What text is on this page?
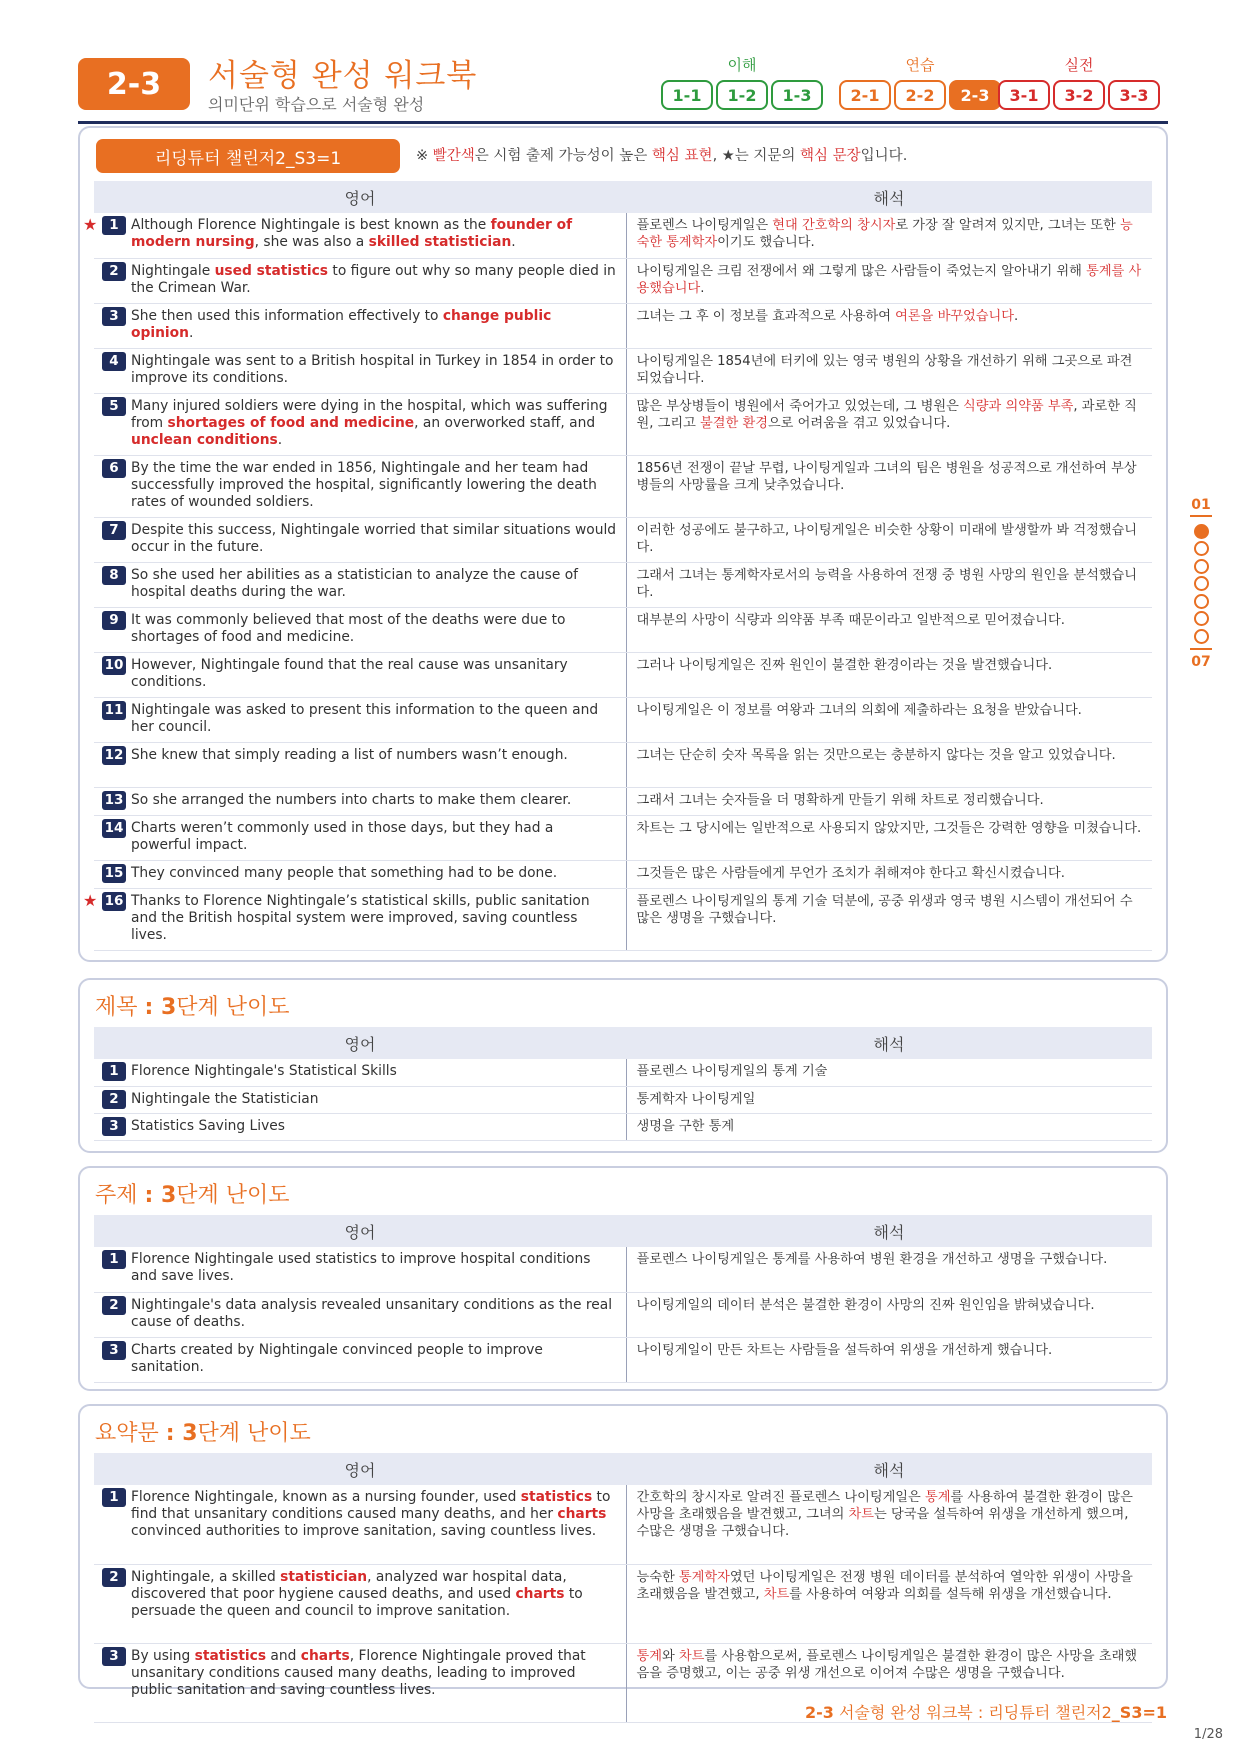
2-3	서술형 완성 워크북
의미단위 학습으로 서술형 완성
이해
1-1	1-2	1-3
연습
2-1	2-2	2-3
실전
3-1	3-2	3-3
리딩튜터 챌린저2_S3=1	※ 빨간색은 시험 출제 가능성이 높은 핵심 표현, ★는 지문의 핵심 문장입니다.
영어	해석

★ 1 Although Florence Nightingale is best known as the founder of modern nursing, she was also a skilled statistician.	플로렌스 나이팅게일은 현대 간호학의 창시자로 가장 잘 알려져 있지만, 그녀는 또한 능숙한 통계학자이기도 했습니다.

2 Nightingale used statistics to figure out why so many people died in the Crimean War.	나이팅게일은 크림 전쟁에서 왜 그렇게 많은 사람들이 죽었는지 알아내기 위해 통계를 사용했습니다.

3 She then used this information effectively to change public opinion.	그녀는 그 후 이 정보를 효과적으로 사용하여 여론을 바꾸었습니다.

4 Nightingale was sent to a British hospital in Turkey in 1854 in order to improve its conditions.	나이팅게일은 1854년에 터키에 있는 영국 병원의 상황을 개선하기 위해 그곳으로 파견되었습니다.

5 Many injured soldiers were dying in the hospital, which was suffering from shortages of food and medicine, an overworked staff, and unclean conditions.	많은 부상병들이 병원에서 죽어가고 있었는데, 그 병원은 식량과 의약품 부족, 과로한 직원, 그리고 불결한 환경으로 어려움을 겪고 있었습니다.

6 By the time the war ended in 1856, Nightingale and her team had successfully improved the hospital, significantly lowering the death rates of wounded soldiers.	1856년 전쟁이 끝날 무렵, 나이팅게일과 그녀의 팀은 병원을 성공적으로 개선하여 부상병들의 사망률을 크게 낮추었습니다.

7 Despite this success, Nightingale worried that similar situations would occur in the future.	이러한 성공에도 불구하고, 나이팅게일은 비슷한 상황이 미래에 발생할까 봐 걱정했습니다.

8 So she used her abilities as a statistician to analyze the cause of hospital deaths during the war.	그래서 그녀는 통계학자로서의 능력을 사용하여 전쟁 중 병원 사망의 원인을 분석했습니다.

9 It was commonly believed that most of the deaths were due to shortages of food and medicine.	대부분의 사망이 식량과 의약품 부족 때문이라고 일반적으로 믿어졌습니다.

10 However, Nightingale found that the real cause was unsanitary conditions.	그러나 나이팅게일은 진짜 원인이 불결한 환경이라는 것을 발견했습니다.

11 Nightingale was asked to present this information to the queen and her council.	나이팅게일은 이 정보를 여왕과 그녀의 의회에 제출하라는 요청을 받았습니다.

12 She knew that simply reading a list of numbers wasn’t enough.	그녀는 단순히 숫자 목록을 읽는 것만으로는 충분하지 않다는 것을 알고 있었습니다.

13 So she arranged the numbers into charts to make them clearer.	그래서 그녀는 숫자들을 더 명확하게 만들기 위해 차트로 정리했습니다.

14 Charts weren’t commonly used in those days, but they had a powerful impact.	차트는 그 당시에는 일반적으로 사용되지 않았지만, 그것들은 강력한 영향을 미쳤습니다.

15 They convinced many people that something had to be done.	그것들은 많은 사람들에게 무언가 조치가 취해져야 한다고 확신시켰습니다.

★ 16 Thanks to Florence Nightingale’s statistical skills, public sanitation and the British hospital system were improved, saving countless lives.	플로렌스 나이팅게일의 통계 기술 덕분에, 공중 위생과 영국 병원 시스템이 개선되어 수많은 생명을 구했습니다.
제목 : 3단계 난이도
영어	해석

1 Florence Nightingale's Statistical Skills	플로렌스 나이팅게일의 통계 기술

2 Nightingale the Statistician	통계학자 나이팅게일

3 Statistics Saving Lives	생명을 구한 통계
주제 : 3단계 난이도
영어	해석

1 Florence Nightingale used statistics to improve hospital conditions and save lives.	플로렌스 나이팅게일은 통계를 사용하여 병원 환경을 개선하고 생명을 구했습니다.

2 Nightingale's data analysis revealed unsanitary conditions as the real cause of deaths.	나이팅게일의 데이터 분석은 불결한 환경이 사망의 진짜 원인임을 밝혀냈습니다.

3 Charts created by Nightingale convinced people to improve sanitation.	나이팅게일이 만든 차트는 사람들을 설득하여 위생을 개선하게 했습니다.
요약문 : 3단계 난이도
영어	해석

1 Florence Nightingale, known as a nursing founder, used statistics to find that unsanitary conditions caused many deaths, and her charts convinced authorities to improve sanitation, saving countless lives.	간호학의 창시자로 알려진 플로렌스 나이팅게일은 통계를 사용하여 불결한 환경이 많은 사망을 초래했음을 발견했고, 그녀의 차트는 당국을 설득하여 위생을 개선하게 했으며, 수많은 생명을 구했습니다.

2 Nightingale, a skilled statistician, analyzed war hospital data, discovered that poor hygiene caused deaths, and used charts to persuade the queen and council to improve sanitation.	능숙한 통계학자였던 나이팅게일은 전쟁 병원 데이터를 분석하여 열악한 위생이 사망을 초래했음을 발견했고, 차트를 사용하여 여왕과 의회를 설득해 위생을 개선했습니다.

3 By using statistics and charts, Florence Nightingale proved that unsanitary conditions caused many deaths, leading to improved public sanitation and saving countless lives.	통계와 차트를 사용함으로써, 플로렌스 나이팅게일은 불결한 환경이 많은 사망을 초래했음을 증명했고, 이는 공중 위생 개선으로 이어져 수많은 생명을 구했습니다.
01
07
2-3 서술형 완성 워크북 : 리딩튜터 챌린저2_S3=1
1/28
